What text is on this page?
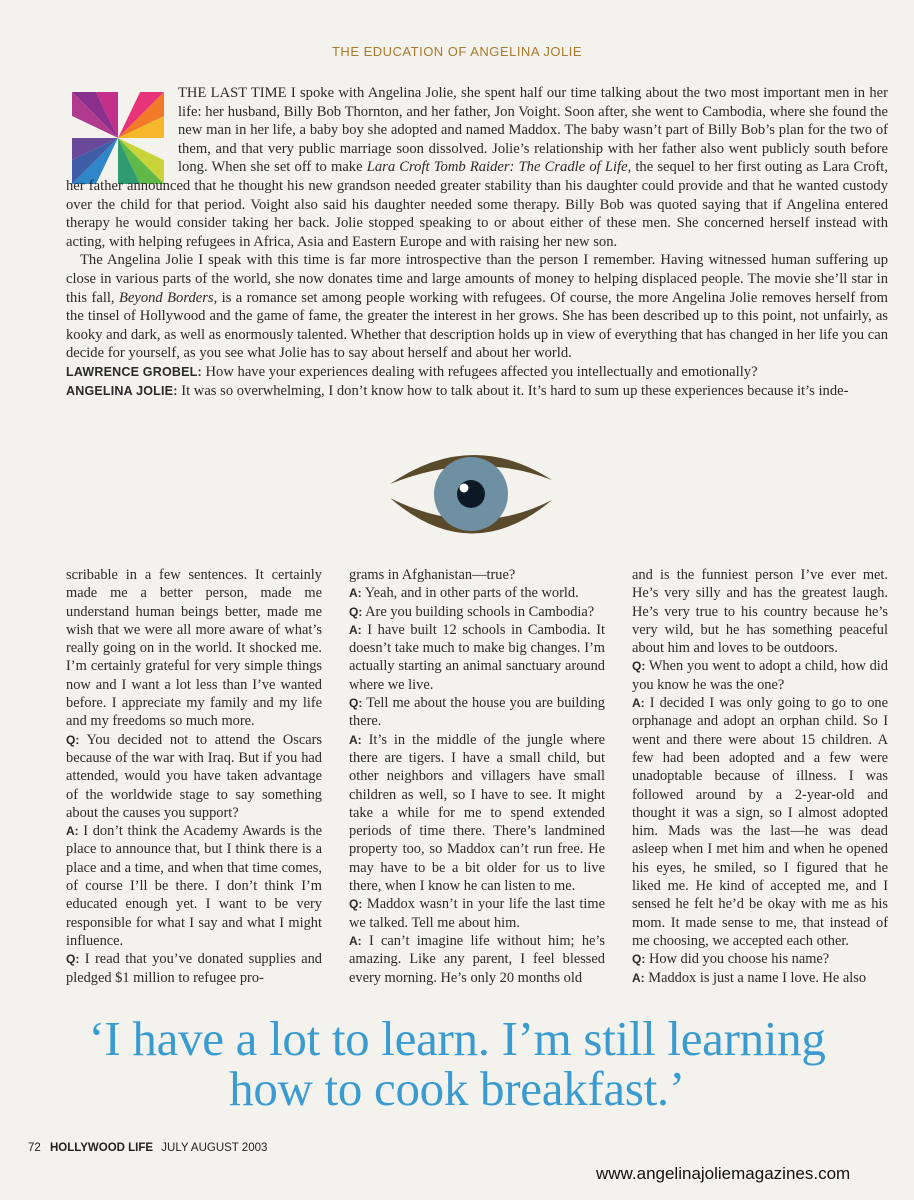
THE EDUCATION OF ANGELINA JOLIE

THE LAST TIME I spoke with Angelina Jolie, she spent half our time talking about the two most important men in her life: her husband, Billy Bob Thornton, and her father, Jon Voight. Soon after, she went to Cambodia, where she found the new man in her life, a baby boy she adopted and named Maddox. The baby wasn’t part of Billy Bob’s plan for the two of them, and that very public marriage soon dissolved. Jolie’s relationship with her father also went publicly south before long. When she set off to make Lara Croft Tomb Raider: The Cradle of Life, the sequel to her first outing as Lara Croft, her father announced that he thought his new grandson needed greater stability than his daughter could provide and that he wanted custody over the child for that period. Voight also said his daughter needed some therapy. Billy Bob was quoted saying that if Angelina entered therapy he would consider taking her back. Jolie stopped speaking to or about either of these men. She concerned herself instead with acting, with helping refugees in Africa, Asia and Eastern Europe and with raising her new son.

The Angelina Jolie I speak with this time is far more introspective than the person I remember. Having witnessed human suffering up close in various parts of the world, she now donates time and large amounts of money to helping displaced people. The movie she’ll star in this fall, Beyond Borders, is a romance set among people working with refugees. Of course, the more Angelina Jolie removes herself from the tinsel of Hollywood and the game of fame, the greater the interest in her grows. She has been described up to this point, not unfairly, as kooky and dark, as well as enormously talented. Whether that description holds up in view of everything that has changed in her life you can decide for yourself, as you see what Jolie has to say about herself and about her world.

LAWRENCE GROBEL: How have your experiences dealing with refugees affected you intellectually and emotionally?

ANGELINA JOLIE: It was so overwhelming, I don’t know how to talk about it. It’s hard to sum up these experiences because it’s inde-

scribable in a few sentences. It certainly made me a better person, made me understand human beings better, made me wish that we were all more aware of what’s really going on in the world. It shocked me. I’m certainly grateful for very simple things now and I want a lot less than I’ve wanted before. I appreciate my family and my life and my freedoms so much more.

Q: You decided not to attend the Oscars because of the war with Iraq. But if you had attended, would you have taken advantage of the worldwide stage to say something about the causes you support?

A: I don’t think the Academy Awards is the place to announce that, but I think there is a place and a time, and when that time comes, of course I’ll be there. I don’t think I’m educated enough yet. I want to be very responsible for what I say and what I might influence.

Q: I read that you’ve donated supplies and pledged $1 million to refugee pro-

grams in Afghanistan—true?

A: Yeah, and in other parts of the world.

Q: Are you building schools in Cambodia?

A: I have built 12 schools in Cambodia. It doesn’t take much to make big changes. I’m actually starting an animal sanctuary around where we live.

Q: Tell me about the house you are building there.

A: It’s in the middle of the jungle where there are tigers. I have a small child, but other neighbors and villagers have small children as well, so I have to see. It might take a while for me to spend extended periods of time there. There’s landmined property too, so Maddox can’t run free. He may have to be a bit older for us to live there, when I know he can listen to me.

Q: Maddox wasn’t in your life the last time we talked. Tell me about him.

A: I can’t imagine life without him; he’s amazing. Like any parent, I feel blessed every morning. He’s only 20 months old

and is the funniest person I’ve ever met. He’s very silly and has the greatest laugh. He’s very true to his country because he’s very wild, but he has something peaceful about him and loves to be outdoors.

Q: When you went to adopt a child, how did you know he was the one?

A: I decided I was only going to go to one orphanage and adopt an orphan child. So I went and there were about 15 children. A few had been adopted and a few were unadoptable because of illness. I was followed around by a 2-year-old and thought it was a sign, so I almost adopted him. Mads was the last—he was dead asleep when I met him and when he opened his eyes, he smiled, so I figured that he liked me. He kind of accepted me, and I sensed he felt he’d be okay with me as his mom. It made sense to me, that instead of me choosing, we accepted each other.

Q: How did you choose his name?

A: Maddox is just a name I love. He also

‘I have a lot to learn. I’m still learning
how to cook breakfast.’
72 HOLLYWOOD LIFE JULY AUGUST 2003
www.angelinajoliemagazines.com
